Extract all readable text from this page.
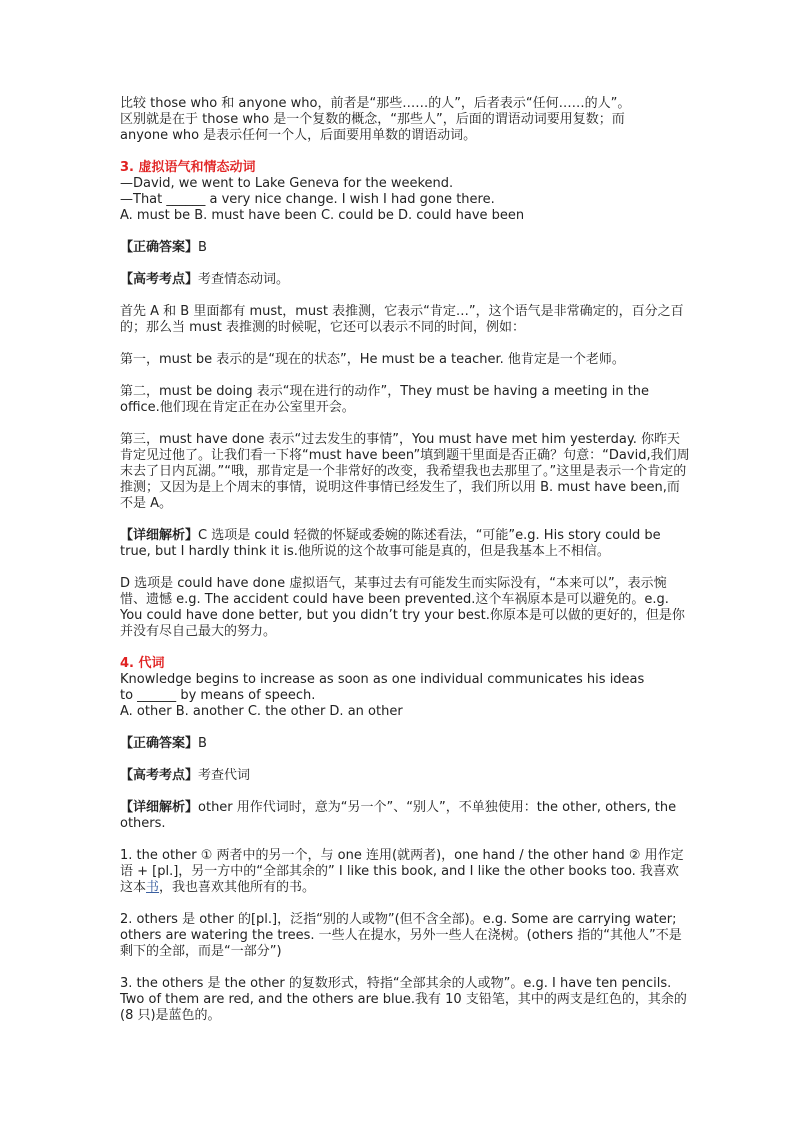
比较 those who 和 anyone who，前者是“那些……的人”，后者表示“任何……的人”。

区别就是在于 those who 是一个复数的概念，“那些人”，后面的谓语动词要用复数；而

anyone who 是表示任何一个人，后面要用单数的谓语动词。

3. 虚拟语气和情态动词

—David, we went to Lake Geneva for the weekend.

—That ______ a very nice change. I wish I had gone there.

A. must be B. must have been C. could be D. could have been

【正确答案】B

【高考考点】考查情态动词。

首先 A 和 B 里面都有 must，must 表推测，它表示“肯定…”，这个语气是非常确定的，百分之百的；那么当 must 表推测的时候呢，它还可以表示不同的时间，例如：

第一，must be 表示的是“现在的状态”，He must be a teacher. 他肯定是一个老师。

第二，must be doing 表示“现在进行的动作”，They must be having a meeting in the office.他们现在肯定正在办公室里开会。

第三，must have done 表示“过去发生的事情”，You must have met him yesterday. 你昨天肯定见过他了。让我们看一下将“must have been”填到题干里面是否正确？句意：“David,我们周末去了日内瓦湖。”“哦，那肯定是一个非常好的改变，我希望我也去那里了。”这里是表示一个肯定的推测；又因为是上个周末的事情，说明这件事情已经发生了，我们所以用 B. must have been,而不是 A。

【详细解析】C 选项是 could 轻微的怀疑或委婉的陈述看法，“可能”e.g. His story could be true, but I hardly think it is.他所说的这个故事可能是真的，但是我基本上不相信。

D 选项是 could have done 虚拟语气，某事过去有可能发生而实际没有，“本来可以”，表示惋惜、遗憾 e.g. The accident could have been prevented.这个车祸原本是可以避免的。e.g. You could have done better, but you didn’t try your best.你原本是可以做的更好的，但是你并没有尽自己最大的努力。

4. 代词

Knowledge begins to increase as soon as one individual communicates his ideas

to ______ by means of speech.

A. other B. another C. the other D. an other

【正确答案】B

【高考考点】考查代词

【详细解析】other 用作代词时，意为“另一个”、“别人”，不单独使用：the other, others, the others.

1. the other ① 两者中的另一个，与 one 连用(就两者)，one hand / the other hand ② 用作定语 + [pl.]，另一方中的“全部其余的” I like this book, and I like the other books too. 我喜欢这本书，我也喜欢其他所有的书。

2. others 是 other 的[pl.]，泛指“别的人或物”(但不含全部)。e.g. Some are carrying water; others are watering the trees. 一些人在提水，另外一些人在浇树。(others 指的“其他人”不是剩下的全部，而是“一部分”)

3. the others 是 the other 的复数形式，特指“全部其余的人或物”。e.g. I have ten pencils. Two of them are red, and the others are blue.我有 10 支铅笔，其中的两支是红色的，其余的(8 只)是蓝色的。
